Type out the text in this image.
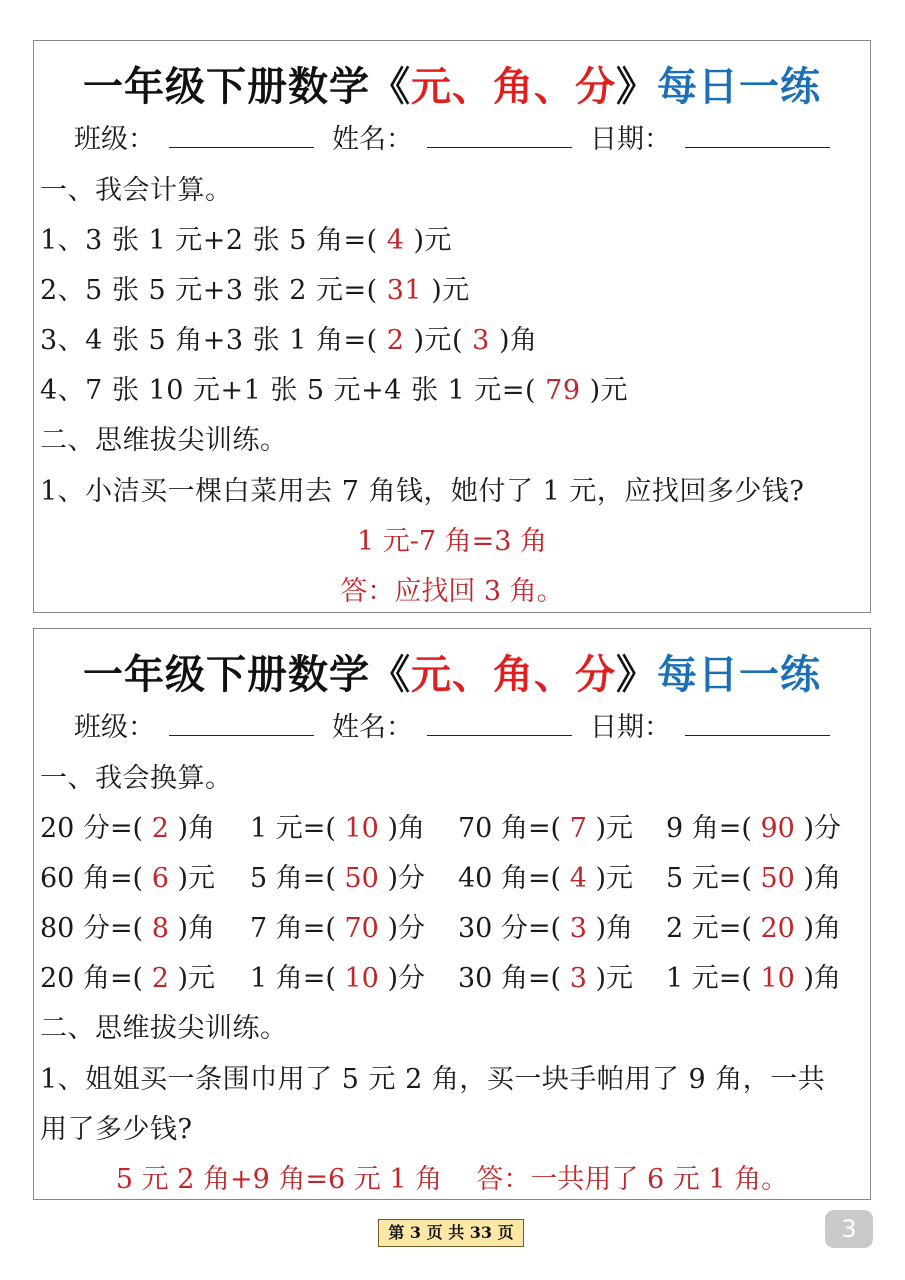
一年级下册数学《元、角、分》每日一练
班级：	姓名：	日期：
一、我会计算。
1、3 张 1 元+2 张 5 角=( 4 )元
2、5 张 5 元+3 张 2 元=( 31 )元
3、4 张 5 角+3 张 1 角=( 2 )元( 3 )角
4、7 张 10 元+1 张 5 元+4 张 1 元=( 79 )元
二、思维拔尖训练。
1、小洁买一棵白菜用去 7 角钱，她付了 1 元，应找回多少钱?
1 元-7 角=3 角
答：应找回 3 角。
一年级下册数学《元、角、分》每日一练
班级：	姓名：	日期：
一、我会换算。
20 分=( 2 )角 1 元=( 10 )角 70 角=( 7 )元 9 角=( 90 )分
60 角=( 6 )元 5 角=( 50 )分 40 角=( 4 )元 5 元=( 50 )角
80 分=( 8 )角 7 角=( 70 )分 30 分=( 3 )角 2 元=( 20 )角
20 角=( 2 )元 1 角=( 10 )分 30 角=( 3 )元 1 元=( 10 )角
二、思维拔尖训练。
1、姐姐买一条围巾用了 5 元 2 角，买一块手帕用了 9 角，一共
用了多少钱?
5 元 2 角+9 角=6 元 1 角    答：一共用了 6 元 1 角。
第 3 页 共 33 页	3
